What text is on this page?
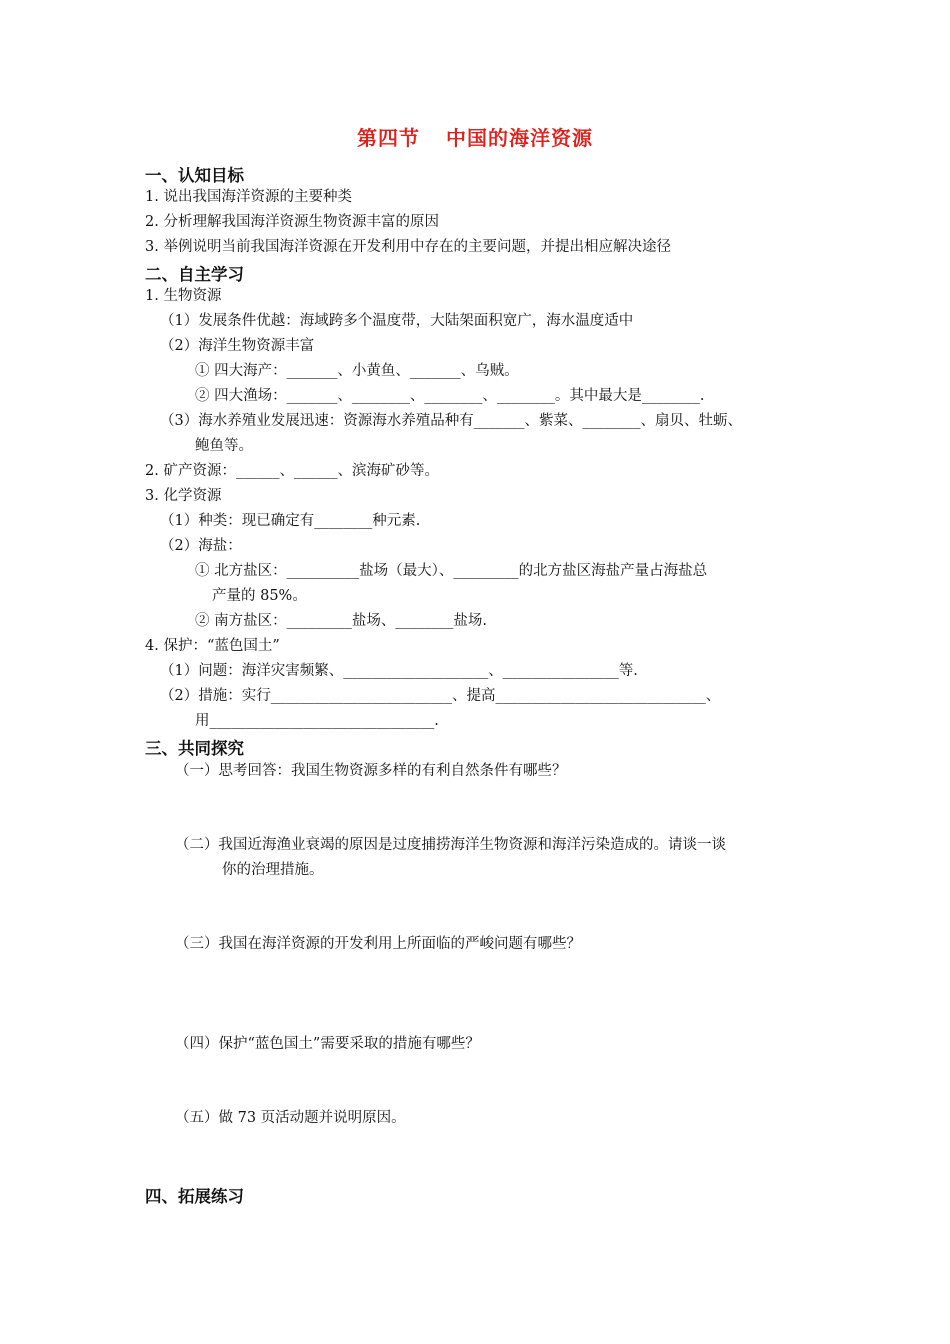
第四节 中国的海洋资源
一、认知目标
1. 说出我国海洋资源的主要种类
2. 分析理解我国海洋资源生物资源丰富的原因
3. 举例说明当前我国海洋资源在开发利用中存在的主要问题，并提出相应解决途径
二、自主学习
1. 生物资源
（1）发展条件优越：海域跨多个温度带，大陆架面积宽广，海水温度适中
（2）海洋生物资源丰富
① 四大海产：_______、小黄鱼、_______、乌贼。
② 四大渔场：_______、________、________、________。其中最大是________.
（3）海水养殖业发展迅速：资源海水养殖品种有_______、紫菜、________、扇贝、牡蛎、
鲍鱼等。
2. 矿产资源：______、______、滨海矿砂等。
3. 化学资源
（1）种类：现已确定有________种元素.
（2）海盐：
① 北方盐区：__________盐场（最大）、_________的北方盐区海盐产量占海盐总
产量的 85%。
② 南方盐区：_________盐场、________盐场.
4. 保护：“蓝色国土”
（1）问题：海洋灾害频繁、____________________、________________等.
（2）措施：实行_________________________、提高_____________________________、
用_______________________________.
三、共同探究
（一）思考回答：我国生物资源多样的有利自然条件有哪些？
（二）我国近海渔业衰竭的原因是过度捕捞海洋生物资源和海洋污染造成的。请谈一谈
你的治理措施。
（三）我国在海洋资源的开发利用上所面临的严峻问题有哪些？
（四）保护“蓝色国土”需要采取的措施有哪些？
（五）做 73 页活动题并说明原因。
四、拓展练习
